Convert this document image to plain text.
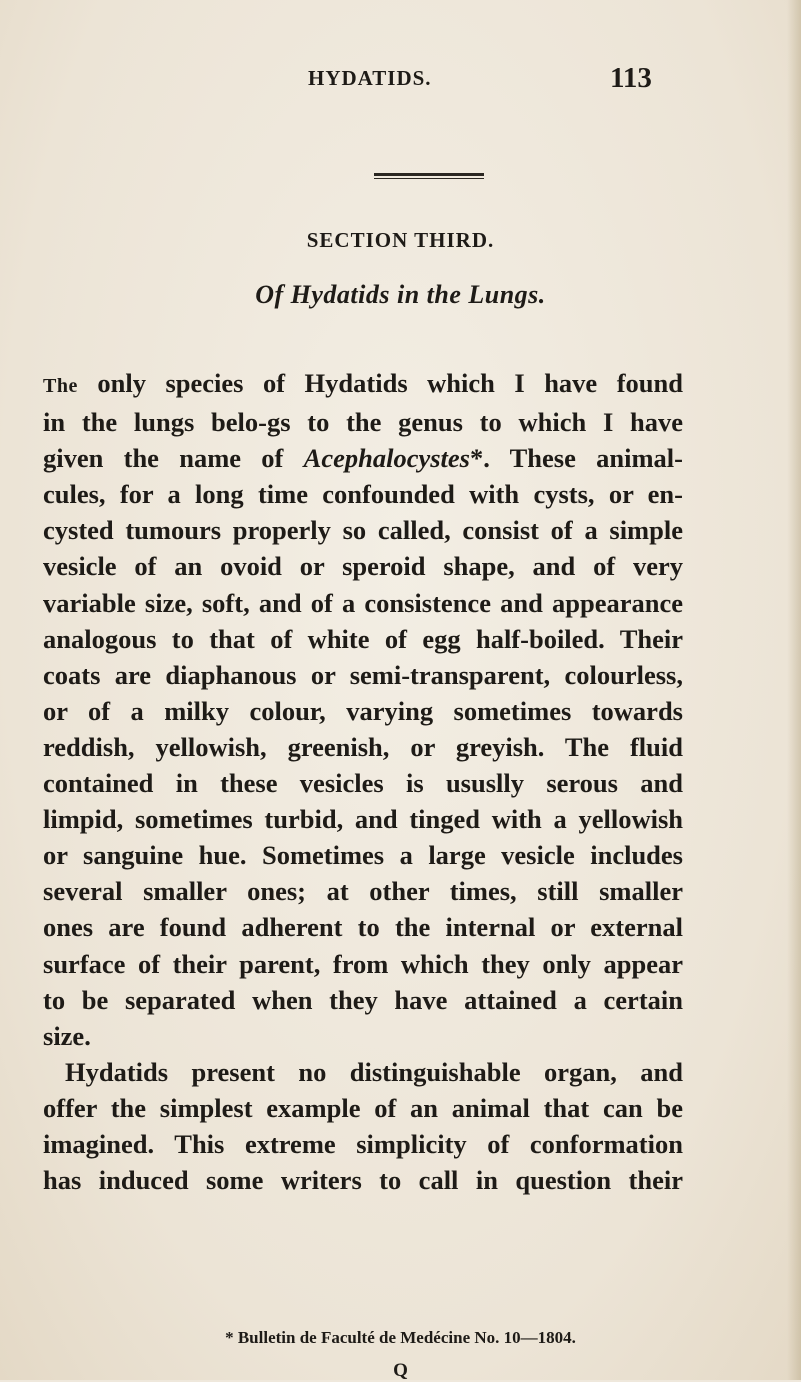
HYDATIDS.	113
SECTION THIRD.
Of Hydatids in the Lungs.
The only species of Hydatids which I have found
in the lungs belo-gs to the genus to which I have
given the name of Acephalocystes*. These animal-
cules, for a long time confounded with cysts, or en-
cysted tumours properly so called, consist of a simple
vesicle of an ovoid or speroid shape, and of very
variable size, soft, and of a consistence and appearance
analogous to that of white of egg half-boiled. Their
coats are diaphanous or semi-transparent, colourless,
or of a milky colour, varying sometimes towards
reddish, yellowish, greenish, or greyish. The fluid
contained in these vesicles is ususlly serous and
limpid, sometimes turbid, and tinged with a yellowish
or sanguine hue. Sometimes a large vesicle includes
several smaller ones; at other times, still smaller
ones are found adherent to the internal or external
surface of their parent, from which they only appear
to be separated when they have attained a certain
size.
Hydatids present no distinguishable organ, and
offer the simplest example of an animal that can be
imagined. This extreme simplicity of conformation
has induced some writers to call in question their
* Bulletin de Faculté de Medécine No. 10—1804.
Q
